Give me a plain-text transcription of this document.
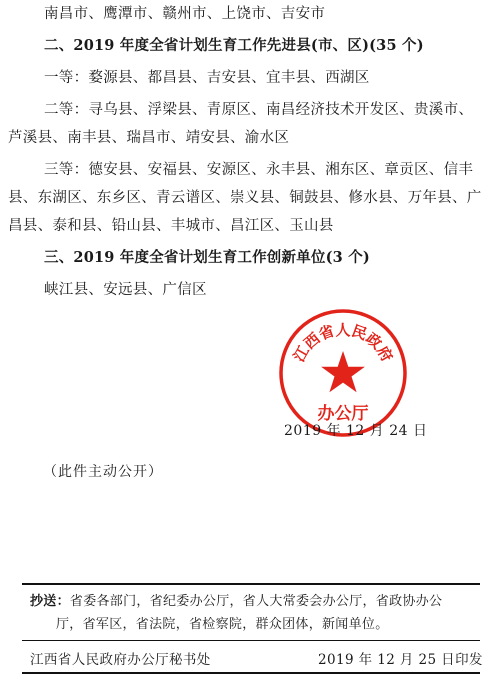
南昌市、鹰潭市、赣州市、上饶市、吉安市
二、2019 年度全省计划生育工作先进县(市、区)(35 个)
一等：婺源县、都昌县、吉安县、宜丰县、西湖区
二等：寻乌县、浮梁县、青原区、南昌经济技术开发区、贵溪市、
芦溪县、南丰县、瑞昌市、靖安县、渝水区
三等：德安县、安福县、安源区、永丰县、湘东区、章贡区、信丰
县、东湖区、东乡区、青云谱区、崇义县、铜鼓县、修水县、万年县、广
昌县、泰和县、铅山县、丰城市、昌江区、玉山县
三、2019 年度全省计划生育工作创新单位(3 个)
峡江县、安远县、广信区
江西省人民政府
办公厅
2019 年 12 月 24 日
（此件主动公开）
抄送：省委各部门，省纪委办公厅，省人大常委会办公厅，省政协办公
厅，省军区，省法院，省检察院，群众团体，新闻单位。
江西省人民政府办公厅秘书处	2019 年 12 月 25 日印发
